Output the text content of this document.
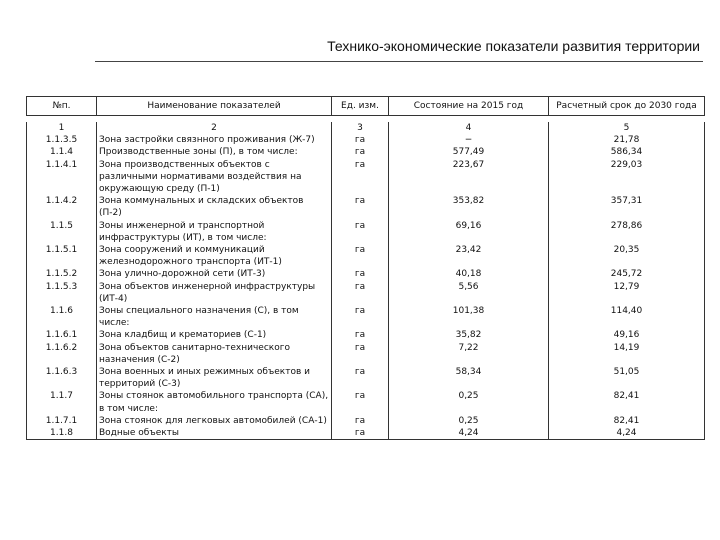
Технико-экономические показатели развития территории
№п.	Наименование показателей	Ед. изм.	Состояние на 2015 год	Расчетный срок до 2030 года

1	2	3	4	5
1.1.3.5	Зона застройки связнного проживания (Ж-7)	га	−	21,78
1.1.4	Производственные зоны (П), в том числе:	га	577,49	586,34
1.1.4.1	Зона производственных объектов с различными нормативами воздействия на окружающую среду (П-1)	га	223,67	229,03
1.1.4.2	Зона коммунальных и складских объектов (П-2)	га	353,82	357,31
1.1.5	Зоны инженерной и транспортной инфраструктуры (ИТ), в том числе:	га	69,16	278,86
1.1.5.1	Зона сооружений и коммуникаций железнодорожного транспорта (ИТ-1)	га	23,42	20,35
1.1.5.2	Зона улично-дорожной сети (ИТ-3)	га	40,18	245,72
1.1.5.3	Зона объектов инженерной инфраструктуры (ИТ-4)	га	5,56	12,79
1.1.6	Зоны специального назначения (С), в том числе:	га	101,38	114,40
1.1.6.1	Зона кладбищ и крематориев (С-1)	га	35,82	49,16
1.1.6.2	Зона объектов санитарно-технического назначения (С-2)	га	7,22	14,19
1.1.6.3	Зона военных и иных режимных объектов и территорий (С-3)	га	58,34	51,05
1.1.7	Зоны стоянок автомобильного транспорта (СА), в том числе:	га	0,25	82,41
1.1.7.1	Зона стоянок для легковых автомобилей (СА-1)	га	0,25	82,41
1.1.8	Водные объекты	га	4,24	4,24
